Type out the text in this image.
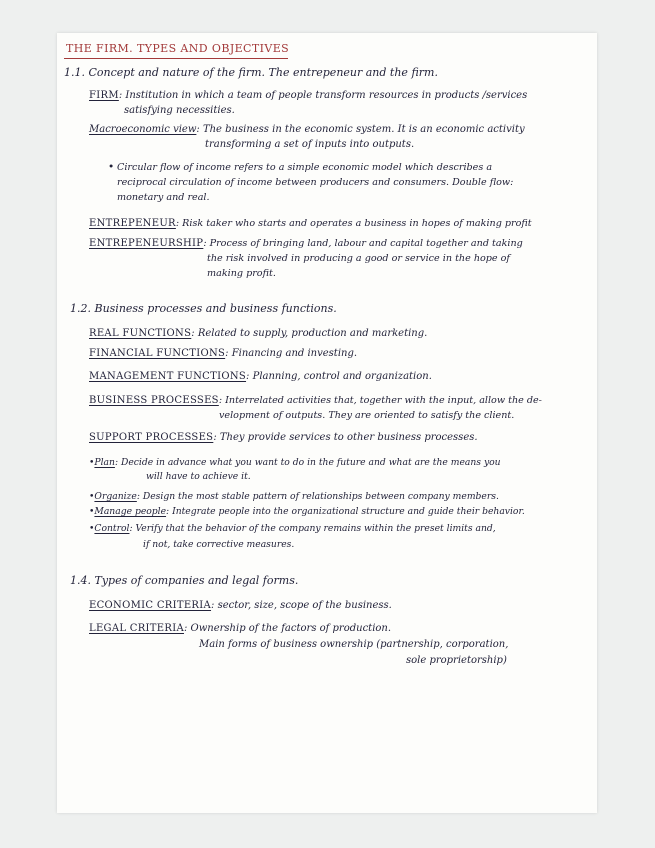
THE FIRM. TYPES AND OBJECTIVES
1.1. Concept and nature of the firm. The entrepeneur and the firm.
FIRM: Institution in which a team of people transform resources in products /services
satisfying necessities.
Macroeconomic view: The business in the economic system. It is an economic activity
transforming a set of inputs into outputs.
• Circular flow of income refers to a simple economic model which describes a
reciprocal circulation of income between producers and consumers. Double flow:
monetary and real.
ENTREPENEUR: Risk taker who starts and operates a business in hopes of making profit
ENTREPENEURSHIP: Process of bringing land, labour and capital together and taking
the risk involved in producing a good or service in the hope of
making profit.
1.2. Business processes and business functions.
REAL FUNCTIONS: Related to supply, production and marketing.
FINANCIAL FUNCTIONS: Financing and investing.
MANAGEMENT FUNCTIONS: Planning, control and organization.
BUSINESS PROCESSES: Interrelated activities that, together with the input, allow the de-
velopment of outputs. They are oriented to satisfy the client.
SUPPORT PROCESSES: They provide services to other business processes.
•Plan: Decide in advance what you want to do in the future and what are the means you
will have to achieve it.
•Organize: Design the most stable pattern of relationships between company members.
•Manage people: Integrate people into the organizational structure and guide their behavior.
•Control: Verify that the behavior of the company remains within the preset limits and,
if not, take corrective measures.
1.4. Types of companies and legal forms.
ECONOMIC CRITERIA: sector, size, scope of the business.
LEGAL CRITERIA: Ownership of the factors of production.
Main forms of business ownership (partnership, corporation,
sole proprietorship)
